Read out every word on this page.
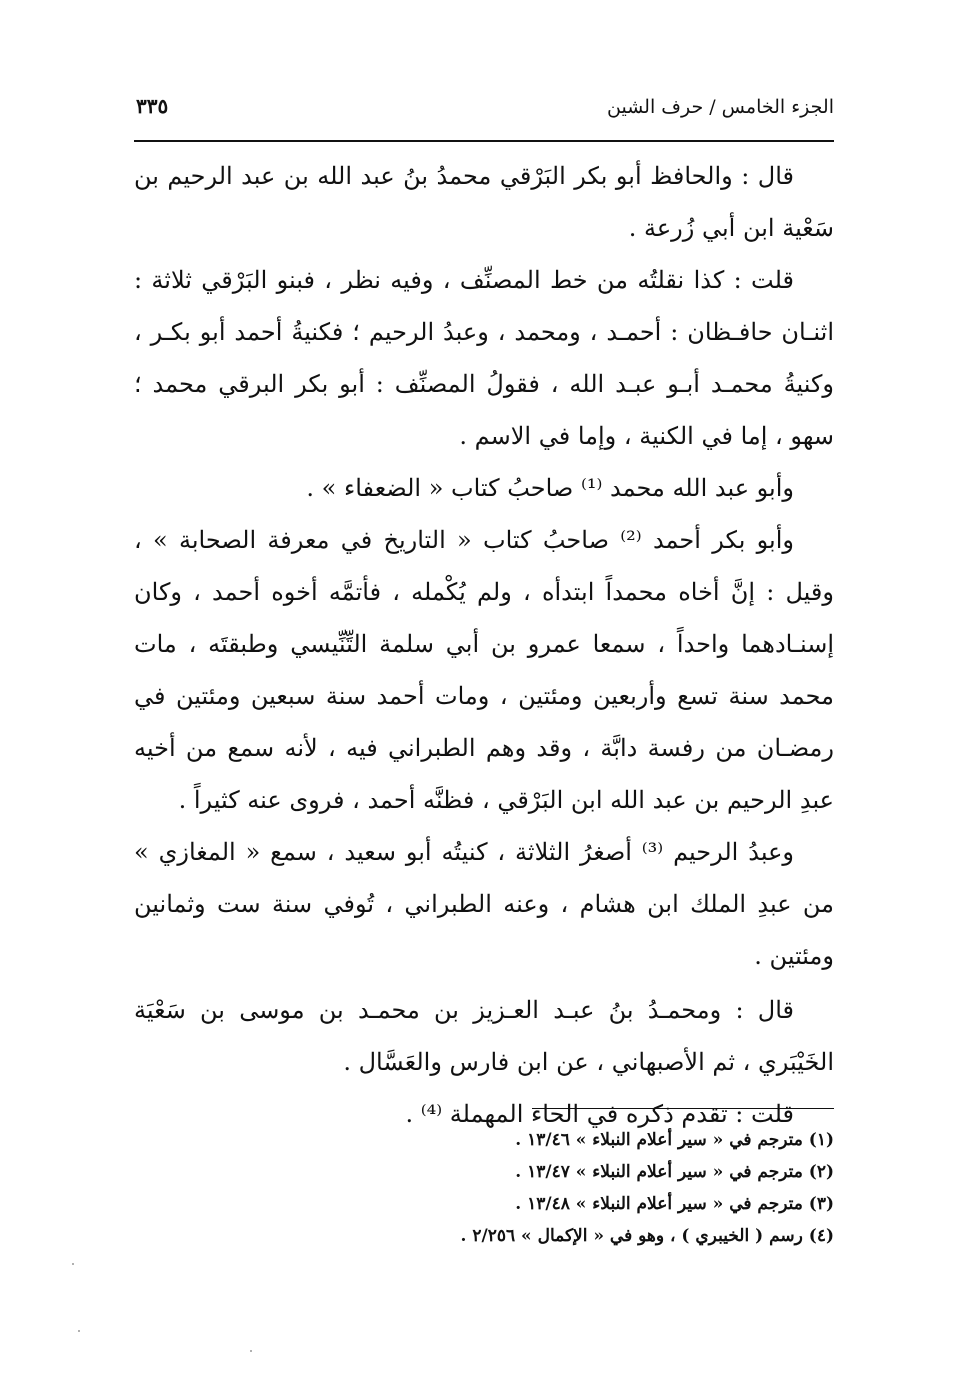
الجزء الخامس / حرف الشين
٣٣٥

قال : والحافظ أبو بكر البَرْقي محمدُ بنُ عبد الله بن عبد الرحيم بن سَعْية ابن أبي زُرعة .

قلت : كذا نقلتُه من خط المصنِّف ، وفيه نظر ، فبنو البَرْقي ثلاثة : اثنـان حافـظان : أحمـد ، ومحمد ، وعبدُ الرحيم ؛ فكنيةُ أحمد أبو بكـر ، وكنيةُ محمـد أبـو عبـد الله ، فقولُ المصنِّف : أبو بكر البرقي محمد ؛ سهو ، إما في الكنية ، وإما في الاسم .

وأبو عبد الله محمد ⁽¹⁾ صاحبُ كتاب « الضعفاء » .

وأبو بكر أحمد ⁽²⁾ صاحبُ كتاب « التاريخ في معرفة الصحابة » ، وقيل : إنَّ أخاه محمداً ابتدأه ، ولم يُكْمله ، فأتمَّه أخوه أحمد ، وكان إسنـادهما واحداً ، سمعا عمرو بن أبي سلمة التِّنِّيسي وطبقتَه ، مات محمد سنة تسع وأربعين ومئتين ، ومات أحمد سنة سبعين ومئتين في رمضـان من رفسة دابَّة ، وقد وهم الطبراني فيه ، لأنه سمع من أخيه عبدِ الرحيم بن عبد الله ابن البَرْقي ، فظنَّه أحمد ، فروى عنه كثيراً .

وعبدُ الرحيم ⁽³⁾ أصغرُ الثلاثة ، كنيتُه أبو سعيد ، سمع « المغازي » من عبدِ الملك ابن هشام ، وعنه الطبراني ، تُوفي سنة ست وثمانين ومئتين .

قال : ومحمـدُ بنُ عبـد العـزيز بن محمـد بن موسى بن سَعْيَة الخَيْبَري ، ثم الأصبهاني ، عن ابن فارس والعَسَّال .

قلت : تقدم ذكره في الحاء المهملة ⁽⁴⁾ .

(١) مترجم في « سير أعلام النبلاء » ١٣/٤٦ .

(٢) مترجم في « سير أعلام النبلاء » ١٣/٤٧ .

(٣) مترجم في « سير أعلام النبلاء » ١٣/٤٨ .

(٤) رسم ( الخيبري ) ، وهو في « الإكمال » ٢/٢٥٦ .
